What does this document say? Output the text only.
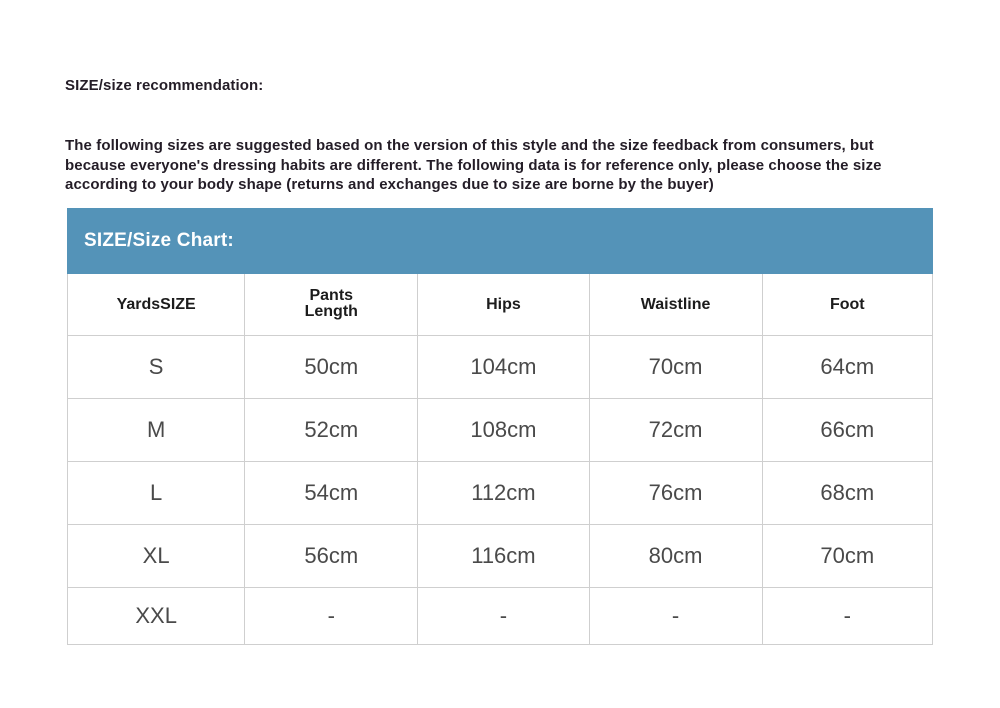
SIZE/size recommendation:

The following sizes are suggested based on the version of this style and the size feedback from consumers, but because everyone's dressing habits are different. The following data is for reference only, please choose the size according to your body shape (returns and exchanges due to size are borne by the buyer)

SIZE/Size Chart:
YardsSIZE	Pants Length	Hips	Waistline	Foot
S	50cm	104cm	70cm	64cm
M	52cm	108cm	72cm	66cm
L	54cm	112cm	76cm	68cm
XL	56cm	116cm	80cm	70cm
XXL	-	-	-	-
